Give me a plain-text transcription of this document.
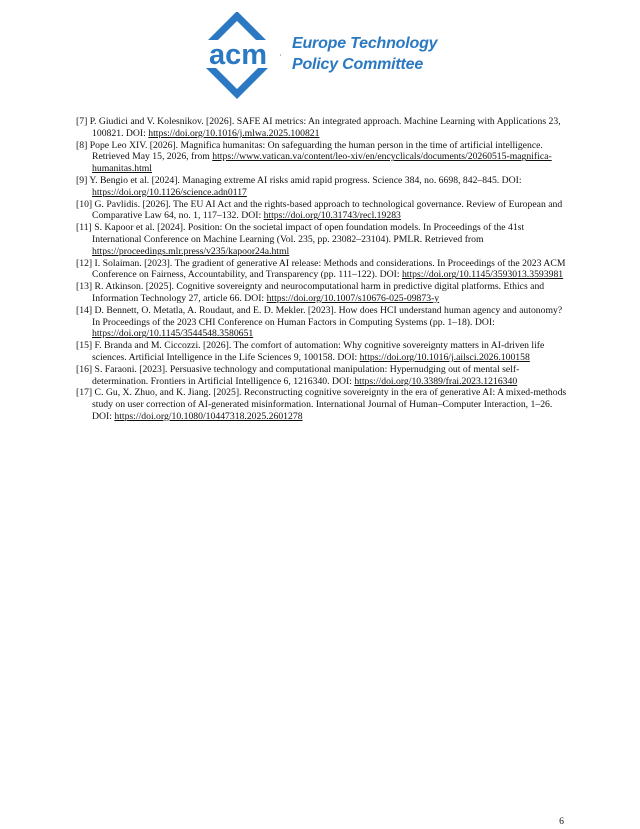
acm Europe Technology
Policy Committee
[7] P. Giudici and V. Kolesnikov. [2026]. SAFE AI metrics: An integrated approach. Machine Learning with Applications 23, 100821. DOI: https://doi.org/10.1016/j.mlwa.2025.100821
[8] Pope Leo XIV. [2026]. Magnifica humanitas: On safeguarding the human person in the time of artificial intelligence. Retrieved May 15, 2026, from https://www.vatican.va/content/leo-xiv/en/encyclicals/documents/20260515-magnifica-humanitas.html
[9] Y. Bengio et al. [2024]. Managing extreme AI risks amid rapid progress. Science 384, no. 6698, 842–845. DOI: https://doi.org/10.1126/science.adn0117
[10] G. Pavlidis. [2026]. The EU AI Act and the rights-based approach to technological governance. Review of European and Comparative Law 64, no. 1, 117–132. DOI: https://doi.org/10.31743/recl.19283
[11] S. Kapoor et al. [2024]. Position: On the societal impact of open foundation models. In Proceedings of the 41st International Conference on Machine Learning (Vol. 235, pp. 23082–23104). PMLR. Retrieved from https://proceedings.mlr.press/v235/kapoor24a.html
[12] I. Solaiman. [2023]. The gradient of generative AI release: Methods and considerations. In Proceedings of the 2023 ACM Conference on Fairness, Accountability, and Transparency (pp. 111–122). DOI: https://doi.org/10.1145/3593013.3593981
[13] R. Atkinson. [2025]. Cognitive sovereignty and neurocomputational harm in predictive digital platforms. Ethics and Information Technology 27, article 66. DOI: https://doi.org/10.1007/s10676-025-09873-y
[14] D. Bennett, O. Metatla, A. Roudaut, and E. D. Mekler. [2023]. How does HCI understand human agency and autonomy? In Proceedings of the 2023 CHI Conference on Human Factors in Computing Systems (pp. 1–18). DOI: https://doi.org/10.1145/3544548.3580651
[15] F. Branda and M. Ciccozzi. [2026]. The comfort of automation: Why cognitive sovereignty matters in AI-driven life sciences. Artificial Intelligence in the Life Sciences 9, 100158. DOI: https://doi.org/10.1016/j.ailsci.2026.100158
[16] S. Faraoni. [2023]. Persuasive technology and computational manipulation: Hypernudging out of mental self-determination. Frontiers in Artificial Intelligence 6, 1216340. DOI: https://doi.org/10.3389/frai.2023.1216340
[17] C. Gu, X. Zhuo, and K. Jiang. [2025]. Reconstructing cognitive sovereignty in the era of generative AI: A mixed-methods study on user correction of AI-generated misinformation. International Journal of Human–Computer Interaction, 1–26. DOI: https://doi.org/10.1080/10447318.2025.2601278
6
